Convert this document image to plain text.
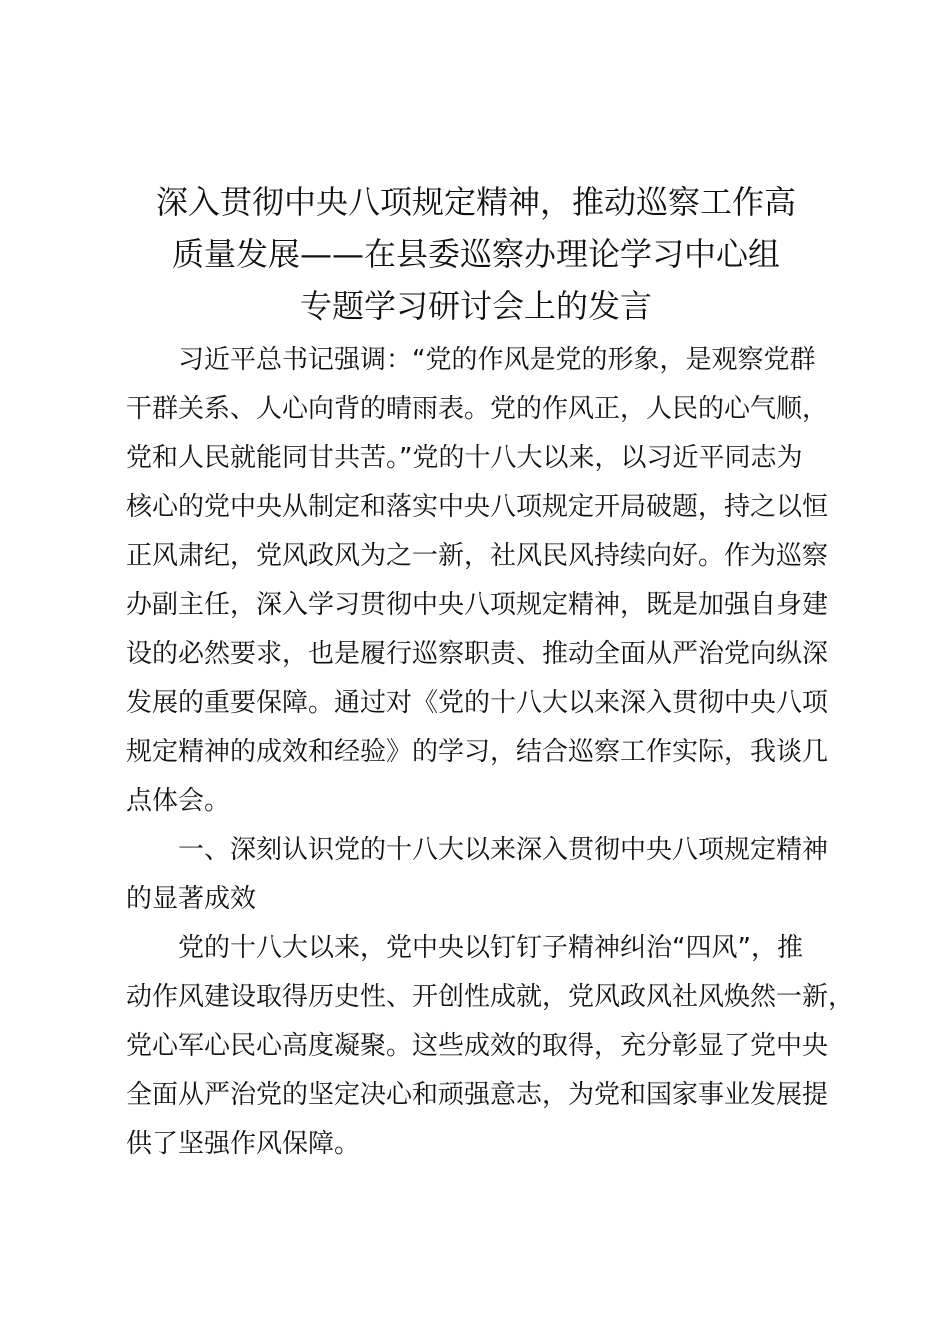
深入贯彻中央八项规定精神，推动巡察工作高
质量发展——在县委巡察办理论学习中心组
专题学习研讨会上的发言
习近平总书记强调：“党的作风是党的形象，是观察党群
干群关系、人心向背的晴雨表。党的作风正，人民的心气顺，
党和人民就能同甘共苦。”党的十八大以来，以习近平同志为
核心的党中央从制定和落实中央八项规定开局破题，持之以恒
正风肃纪，党风政风为之一新，社风民风持续向好。作为巡察
办副主任，深入学习贯彻中央八项规定精神，既是加强自身建
设的必然要求，也是履行巡察职责、推动全面从严治党向纵深
发展的重要保障。通过对《党的十八大以来深入贯彻中央八项
规定精神的成效和经验》的学习，结合巡察工作实际，我谈几
点体会。
一、深刻认识党的十八大以来深入贯彻中央八项规定精神
的显著成效
党的十八大以来，党中央以钉钉子精神纠治“四风”，推
动作风建设取得历史性、开创性成就，党风政风社风焕然一新，
党心军心民心高度凝聚。这些成效的取得，充分彰显了党中央
全面从严治党的坚定决心和顽强意志，为党和国家事业发展提
供了坚强作风保障。
